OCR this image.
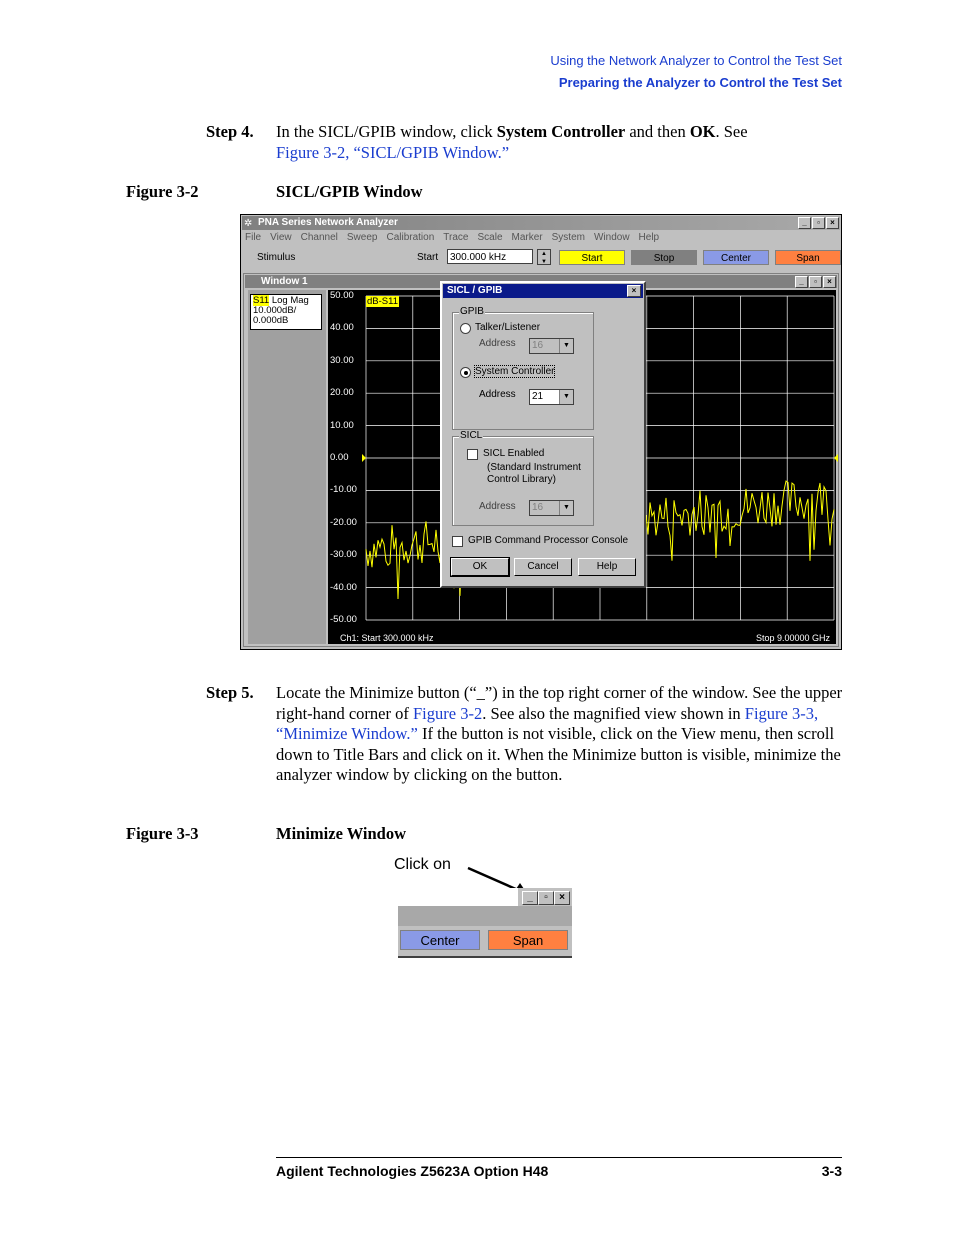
Using the Network Analyzer to Control the Test Set
Preparing the Analyzer to Control the Test Set
Step 4. In the SICL/GPIB window, click System Controller and then OK. See
Figure 3-2, “SICL/GPIB Window.”
Figure 3-2	SICL/GPIB Window
✲ PNA Series Network Analyzer	_	▫	×
File View Channel Sweep Calibration Trace Scale Marker System Window Help
Stimulus	Start	300.000 kHz	▲
▼	Start	Stop	Center	Span
Window 1	_	▫	×
S11 Log Mag
10.000dB/
0.000dB
dB-S11
50.00
40.00
30.00
20.00
10.00
0.00
-10.00
-20.00
-30.00
-40.00
-50.00
Ch1: Start 300.000 kHz	Stop 9.00000 GHz
SICL / GPIB	×
GPIB
Talker/Listener
Address	16	▼
System Controller
Address	21	▼
SICL
SICL Enabled
(Standard Instrument
Control Library)
Address	16	▼
GPIB Command Processor Console
OK	Cancel	Help
Step 5. Locate the Minimize button (“_”) in the top right corner of the window. See the upper right-hand corner of Figure 3-2. See also the magnified view shown in Figure 3-3, “Minimize Window.” If the button is not visible, click on the View menu, then scroll down to Title Bars and click on it. When the Minimize button is visible, minimize the analyzer window by clicking on the button.
Figure 3-3	Minimize Window
Click on
_	▫	×
Center	Span
Agilent Technologies Z5623A Option H48	3-3
